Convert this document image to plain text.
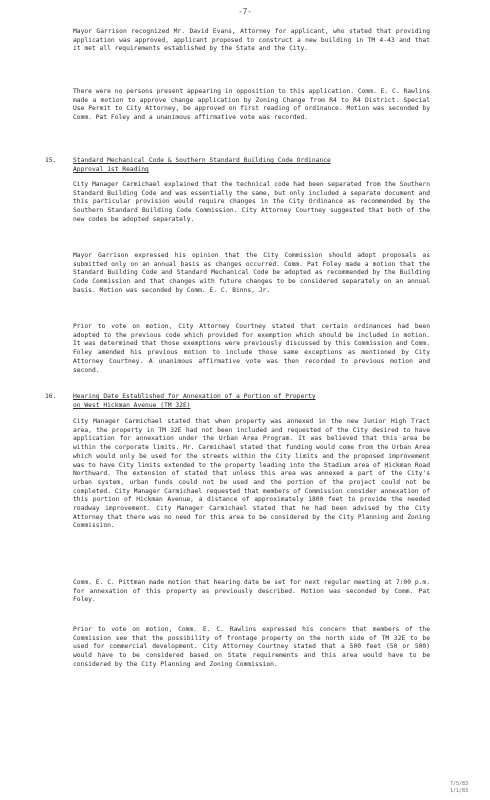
-7-

Mayor Garrison recognized Mr. David Evans, Attorney for applicant, who stated that providing application was approved, applicant proposed to construct a new building in TM 4-43 and that it met all requirements established by the State and the City.

There were no persons present appearing in opposition to this application. Comm. E. C. Rawlins made a motion to approve change application by Zoning Change from R4 to R4 District. Special Use Permit to City Attorney, be approved on first reading of ordinance. Motion was seconded by Comm. Pat Foley and a unanimous affirmative vote was recorded.

15.	Standard Mechanical Code & Southern Standard Building Code Ordinance
Approval 1st Reading

City Manager Carmichael explained that the technical code had been separated from the Southern Standard Building Code and was essentially the same, but only included a separate document and this particular provision would require changes in the City Ordinance as recommended by the Southern Standard Building Code Commission. City Attorney Courtney suggested that both of the new codes be adopted separately.

Mayor Garrison expressed his opinion that the City Commission should adopt proposals as submitted only on an annual basis as changes occurred. Comm. Pat Foley made a motion that the Standard Building Code and Standard Mechanical Code be adopted as recommended by the Building Code Commission and that changes with future changes to be considered separately on an annual basis. Motion was seconded by Comm. E. C. Binns, Jr.

Prior to vote on motion, City Attorney Courtney stated that certain ordinances had been adopted to the previous code which provided for exemption which should be included in motion. It was determined that those exemptions were previously discussed by this Commission and Comm. Foley amended his previous motion to include those same exceptions as mentioned by City Attorney Courtney. A unanimous affirmative vote was then recorded to previous motion and second.

16.	Hearing Date Established for Annexation of a Portion of Property
on West Hickman Avenue (TM 32E)

City Manager Carmichael stated that when property was annexed in the new Junior High Tract area, the property in TM 32E had not been included and requested of the City desired to have application for annexation under the Urban Area Program. It was believed that this area be within the corporate limits. Mr. Carmichael stated that funding would come from the Urban Area which would only be used for the streets within the City limits and the proposed improvement was to have City limits extended to the property leading into the Stadium area of Hickman Road Northward. The extension of stated that unless this area was annexed a part of the City's urban system, urban funds could not be used and the portion of the project could not be completed. City Manager Carmichael requested that members of Commission consider annexation of this portion of Hickman Avenue, a distance of approximately 1800 feet to provide the needed roadway improvement. City Manager Carmichael stated that he had been advised by the City Attorney that there was no need for this area to be considered by the City Planning and Zoning Commission.

Comm. E. C. Pittman made motion that hearing date be set for next regular meeting at 7:00 p.m. for annexation of this property as previously described. Motion was seconded by Comm. Pat Foley.

Prior to vote on motion, Comm. E. C. Rawlins expressed his concern that members of the Commission see that the possibility of frontage property on the north side of TM 32E to be used for commercial development. City Attorney Courtney stated that a 500 feet (50 or 500) would have to be considered based on State requirements and this area would have to be considered by the City Planning and Zoning Commission.

7/5/83
1/1/83
